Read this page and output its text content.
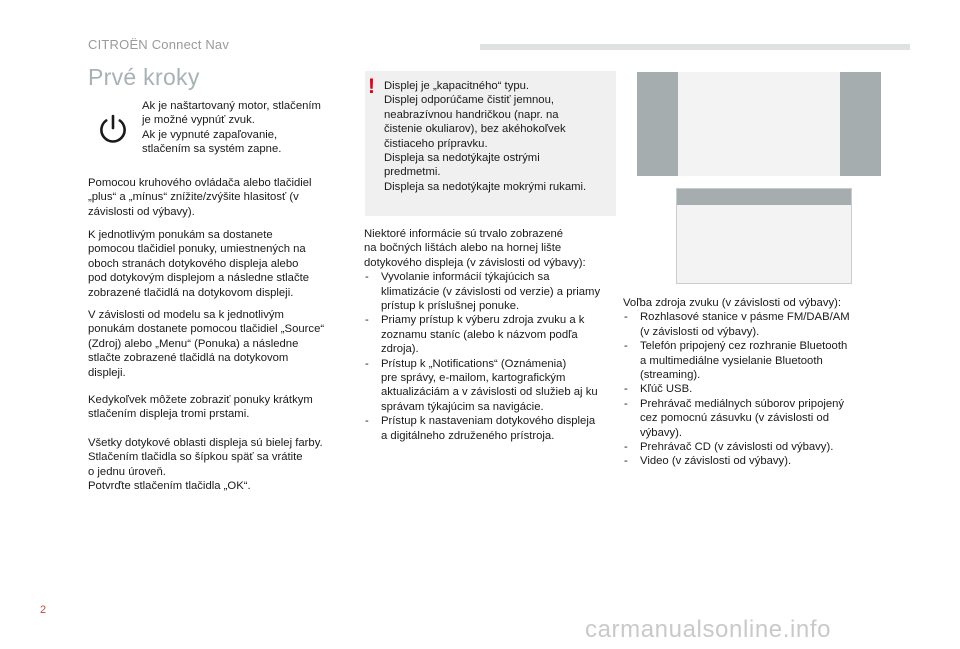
CITROËN Connect Nav
Prvé kroky
Ak je naštartovaný motor, stlačením
je možné vypnúť zvuk.
Ak je vypnuté zapaľovanie,
stlačením sa systém zapne.
Pomocou kruhového ovládača alebo tlačidiel
„plus“ a „mínus“ znížite/zvýšite hlasitosť (v
závislosti od výbavy).
K jednotlivým ponukám sa dostanete
pomocou tlačidiel ponuky, umiestnených na
oboch stranách dotykového displeja alebo
pod dotykovým displejom a následne stlačte
zobrazené tlačidlá na dotykovom displeji.
V závislosti od modelu sa k jednotlivým
ponukám dostanete pomocou tlačidiel „Source“
(Zdroj) alebo „Menu“ (Ponuka) a následne
stlačte zobrazené tlačidlá na dotykovom
displeji.
Kedykoľvek môžete zobraziť ponuky krátkym
stlačením displeja tromi prstami.
Všetky dotykové oblasti displeja sú bielej farby.
Stlačením tlačidla so šípkou späť sa vrátite
o jednu úroveň.
Potvrďte stlačením tlačidla „OK“.
! Displej je „kapacitného“ typu.
Displej odporúčame čistiť jemnou,
neabrazívnou handričkou (napr. na
čistenie okuliarov), bez akéhokoľvek
čistiaceho prípravku.
Displeja sa nedotýkajte ostrými
predmetmi.
Displeja sa nedotýkajte mokrými rukami.
Niektoré informácie sú trvalo zobrazené
na bočných lištách alebo na hornej lište
dotykového displeja (v závislosti od výbavy):
- Vyvolanie informácií týkajúcich sa
klimatizácie (v závislosti od verzie) a priamy
prístup k príslušnej ponuke.
- Priamy prístup k výberu zdroja zvuku a k
zoznamu staníc (alebo k názvom podľa
zdroja).
- Prístup k „Notifications“ (Oznámenia)
pre správy, e-mailom, kartografickým
aktualizáciám a v závislosti od služieb aj ku
správam týkajúcim sa navigácie.
- Prístup k nastaveniam dotykového displeja
a digitálneho združeného prístroja.
Voľba zdroja zvuku (v závislosti od výbavy):
- Rozhlasové stanice v pásme FM/DAB/AM
(v závislosti od výbavy).
- Telefón pripojený cez rozhranie Bluetooth
a multimediálne vysielanie Bluetooth
(streaming).
- Kľúč USB.
- Prehrávač mediálnych súborov pripojený
cez pomocnú zásuvku (v závislosti od
výbavy).
- Prehrávač CD (v závislosti od výbavy).
- Video (v závislosti od výbavy).
2
carmanualsonline.info
